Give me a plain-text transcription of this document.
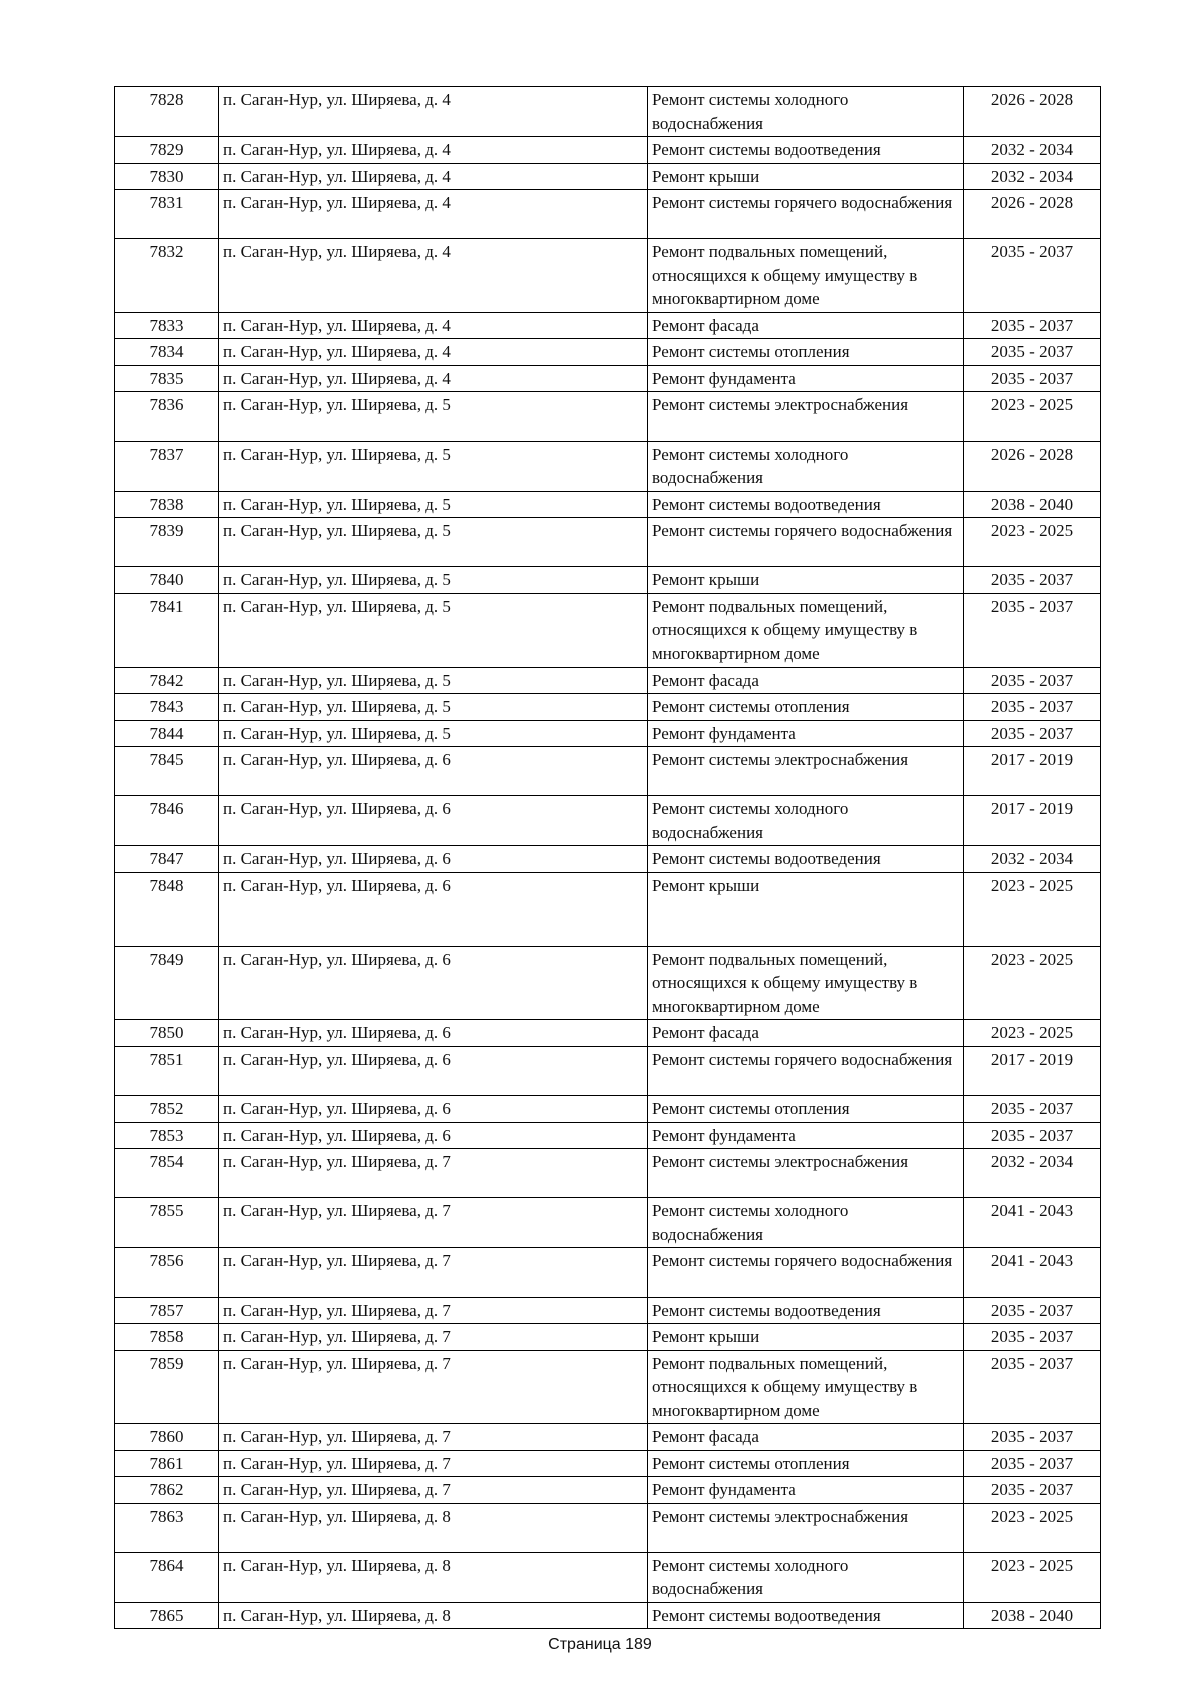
7828	п. Саган-Нур, ул. Ширяева, д. 4	Ремонт системы холодного водоснабжения	2026 - 2028
7829	п. Саган-Нур, ул. Ширяева, д. 4	Ремонт системы водоотведения	2032 - 2034
7830	п. Саган-Нур, ул. Ширяева, д. 4	Ремонт крыши	2032 - 2034
7831	п. Саган-Нур, ул. Ширяева, д. 4	Ремонт системы горячего водоснабжения	2026 - 2028
7832	п. Саган-Нур, ул. Ширяева, д. 4	Ремонт подвальных помещений, относящихся к общему имуществу в многоквартирном доме	2035 - 2037
7833	п. Саган-Нур, ул. Ширяева, д. 4	Ремонт фасада	2035 - 2037
7834	п. Саган-Нур, ул. Ширяева, д. 4	Ремонт системы отопления	2035 - 2037
7835	п. Саган-Нур, ул. Ширяева, д. 4	Ремонт фундамента	2035 - 2037
7836	п. Саган-Нур, ул. Ширяева, д. 5	Ремонт системы электроснабжения	2023 - 2025
7837	п. Саган-Нур, ул. Ширяева, д. 5	Ремонт системы холодного водоснабжения	2026 - 2028
7838	п. Саган-Нур, ул. Ширяева, д. 5	Ремонт системы водоотведения	2038 - 2040
7839	п. Саган-Нур, ул. Ширяева, д. 5	Ремонт системы горячего водоснабжения	2023 - 2025
7840	п. Саган-Нур, ул. Ширяева, д. 5	Ремонт крыши	2035 - 2037
7841	п. Саган-Нур, ул. Ширяева, д. 5	Ремонт подвальных помещений, относящихся к общему имуществу в многоквартирном доме	2035 - 2037
7842	п. Саган-Нур, ул. Ширяева, д. 5	Ремонт фасада	2035 - 2037
7843	п. Саган-Нур, ул. Ширяева, д. 5	Ремонт системы отопления	2035 - 2037
7844	п. Саган-Нур, ул. Ширяева, д. 5	Ремонт фундамента	2035 - 2037
7845	п. Саган-Нур, ул. Ширяева, д. 6	Ремонт системы электроснабжения	2017 - 2019
7846	п. Саган-Нур, ул. Ширяева, д. 6	Ремонт системы холодного водоснабжения	2017 - 2019
7847	п. Саган-Нур, ул. Ширяева, д. 6	Ремонт системы водоотведения	2032 - 2034
7848	п. Саган-Нур, ул. Ширяева, д. 6	Ремонт крыши	2023 - 2025
7849	п. Саган-Нур, ул. Ширяева, д. 6	Ремонт подвальных помещений, относящихся к общему имуществу в многоквартирном доме	2023 - 2025
7850	п. Саган-Нур, ул. Ширяева, д. 6	Ремонт фасада	2023 - 2025
7851	п. Саган-Нур, ул. Ширяева, д. 6	Ремонт системы горячего водоснабжения	2017 - 2019
7852	п. Саган-Нур, ул. Ширяева, д. 6	Ремонт системы отопления	2035 - 2037
7853	п. Саган-Нур, ул. Ширяева, д. 6	Ремонт фундамента	2035 - 2037
7854	п. Саган-Нур, ул. Ширяева, д. 7	Ремонт системы электроснабжения	2032 - 2034
7855	п. Саган-Нур, ул. Ширяева, д. 7	Ремонт системы холодного водоснабжения	2041 - 2043
7856	п. Саган-Нур, ул. Ширяева, д. 7	Ремонт системы горячего водоснабжения	2041 - 2043
7857	п. Саган-Нур, ул. Ширяева, д. 7	Ремонт системы водоотведения	2035 - 2037
7858	п. Саган-Нур, ул. Ширяева, д. 7	Ремонт крыши	2035 - 2037
7859	п. Саган-Нур, ул. Ширяева, д. 7	Ремонт подвальных помещений, относящихся к общему имуществу в многоквартирном доме	2035 - 2037
7860	п. Саган-Нур, ул. Ширяева, д. 7	Ремонт фасада	2035 - 2037
7861	п. Саган-Нур, ул. Ширяева, д. 7	Ремонт системы отопления	2035 - 2037
7862	п. Саган-Нур, ул. Ширяева, д. 7	Ремонт фундамента	2035 - 2037
7863	п. Саган-Нур, ул. Ширяева, д. 8	Ремонт системы электроснабжения	2023 - 2025
7864	п. Саган-Нур, ул. Ширяева, д. 8	Ремонт системы холодного водоснабжения	2023 - 2025
7865	п. Саган-Нур, ул. Ширяева, д. 8	Ремонт системы водоотведения	2038 - 2040
Страница 189
